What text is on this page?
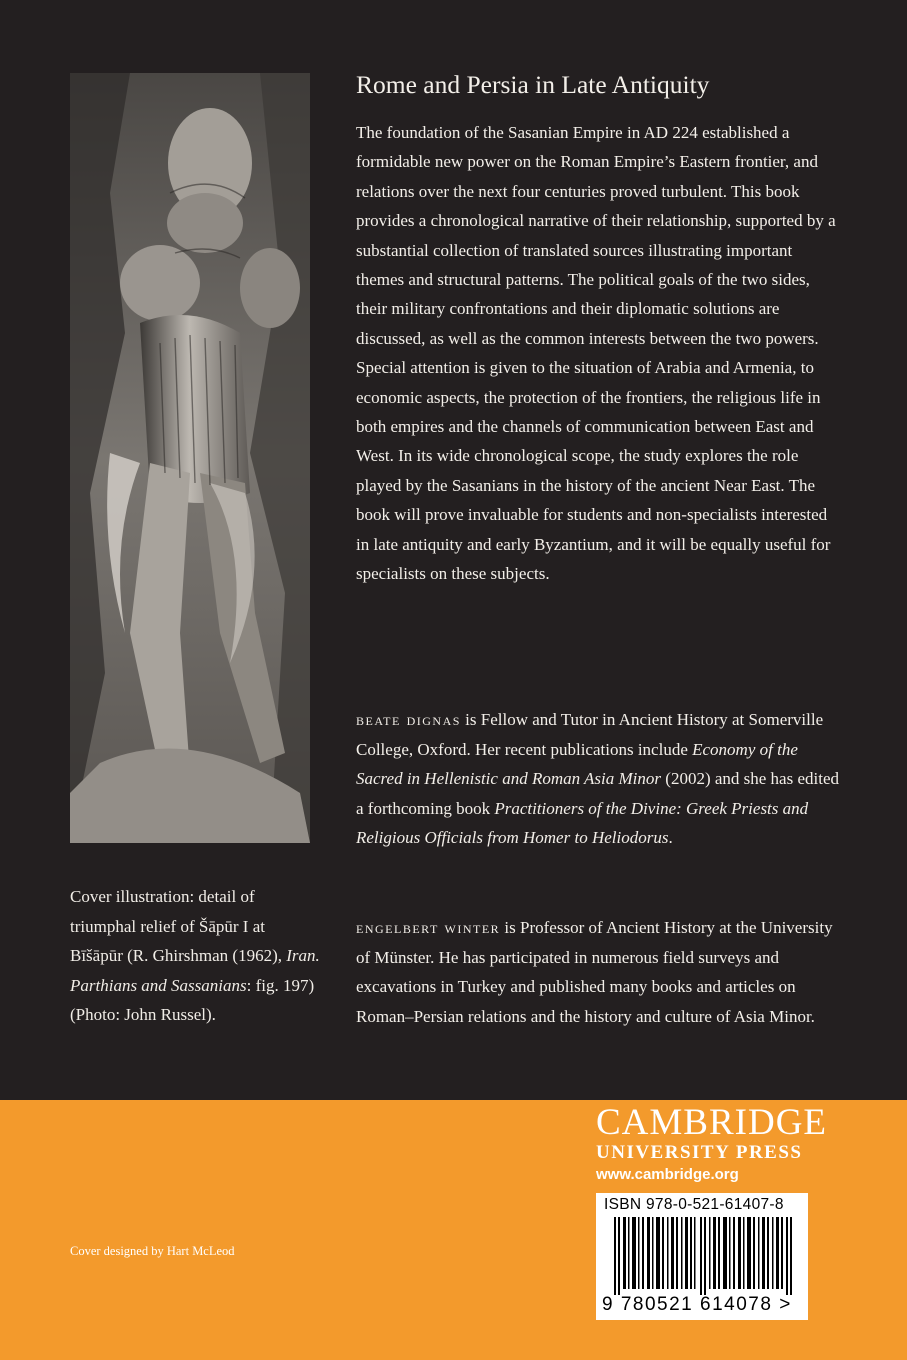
Cover illustration: detail of triumphal relief of Šāpūr I at Bīšāpūr (R. Ghirshman (1962), Iran. Parthians and Sassanians: fig. 197) (Photo: John Russel).
Rome and Persia in Late Antiquity

The foundation of the Sasanian Empire in AD 224 established a formidable new power on the Roman Empire’s Eastern frontier, and relations over the next four centuries proved turbulent. This book provides a chronological narrative of their relationship, supported by a substantial collection of translated sources illustrating important themes and structural patterns. The political goals of the two sides, their military confrontations and their diplomatic solutions are discussed, as well as the common interests between the two powers. Special attention is given to the situation of Arabia and Armenia, to economic aspects, the protection of the frontiers, the religious life in both empires and the channels of communication between East and West. In its wide chronological scope, the study explores the role played by the Sasanians in the history of the ancient Near East. The book will prove invaluable for students and non-specialists interested in late antiquity and early Byzantium, and it will be equally useful for specialists on these subjects.

beate dignas is Fellow and Tutor in Ancient History at Somerville College, Oxford. Her recent publications include Economy of the Sacred in Hellenistic and Roman Asia Minor (2002) and she has edited a forthcoming book Practitioners of the Divine: Greek Priests and Religious Officials from Homer to Heliodorus.

engelbert winter is Professor of Ancient History at the University of Münster. He has participated in numerous field surveys and excavations in Turkey and published many books and articles on Roman–Persian relations and the history and culture of Asia Minor.

CAMBRIDGE
UNIVERSITY PRESS
www.cambridge.org
ISBN 978-0-521-61407-8
9 780521 614078 >
Cover designed by Hart McLeod
